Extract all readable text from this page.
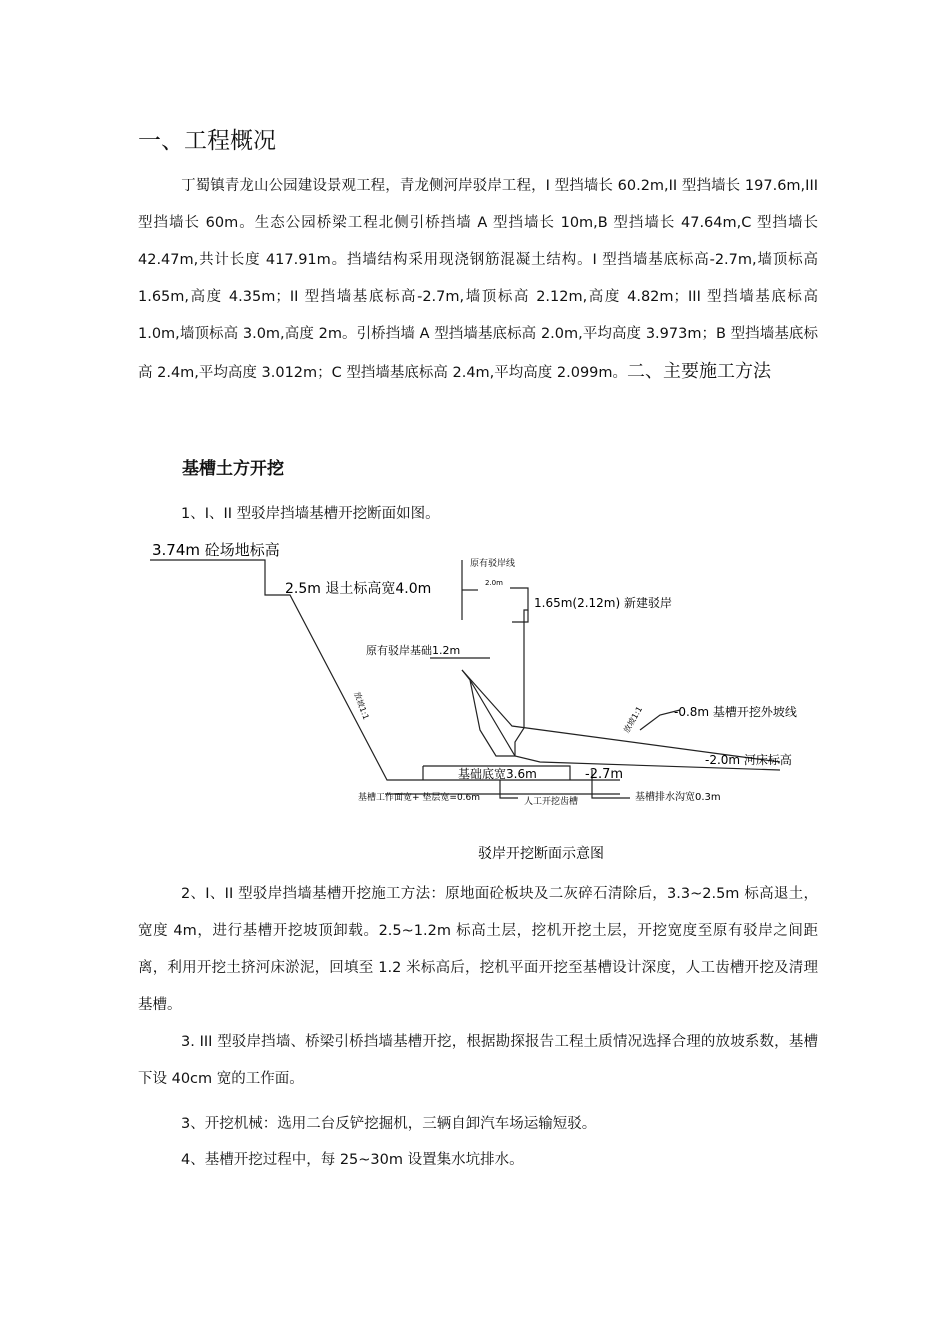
一、工程概况

丁蜀镇青龙山公园建设景观工程，青龙侧河岸驳岸工程，I 型挡墙长 60.2m,II 型挡墙长 197.6m,III 型挡墙长 60m。生态公园桥梁工程北侧引桥挡墙 A 型挡墙长 10m,B 型挡墙长 47.64m,C 型挡墙长 42.47m,共计长度 417.91m。挡墙结构采用现浇钢筋混凝土结构。I 型挡墙基底标高-2.7m,墙顶标高 1.65m,高度 4.35m；II 型挡墙基底标高-2.7m,墙顶标高 2.12m,高度 4.82m；III 型挡墙基底标高 1.0m,墙顶标高 3.0m,高度 2m。引桥挡墙 A 型挡墙基底标高 2.0m,平均高度 3.973m；B 型挡墙基底标高 2.4m,平均高度 3.012m；C 型挡墙基底标高 2.4m,平均高度 2.099m。二、主要施工方法

基槽土方开挖

1、I、II 型驳岸挡墙基槽开挖断面如图。

3.74m 砼场地标高
2.5m 退土标高宽4.0m
原有驳岸线
2.0m
1.65m(2.12m) 新建驳岸
原有驳岸基础1.2m
放坡1:1	放坡1:1 -0.8m 基槽开挖外坡线
-2.0m 河床标高
基础底宽3.6m	-2.7m
基槽工作面宽+ 垫层宽=0.6m	人工开挖齿槽	基槽排水沟宽0.3m
驳岸开挖断面示意图

2、I、II 型驳岸挡墙基槽开挖施工方法：原地面砼板块及二灰碎石清除后，3.3~2.5m 标高退土，宽度 4m，进行基槽开挖坡顶卸载。2.5~1.2m 标高土层，挖机开挖土层，开挖宽度至原有驳岸之间距离，利用开挖土挤河床淤泥，回填至 1.2 米标高后，挖机平面开挖至基槽设计深度，人工齿槽开挖及清理基槽。

3. III 型驳岸挡墙、桥梁引桥挡墙基槽开挖，根据勘探报告工程土质情况选择合理的放坡系数，基槽下设 40cm 宽的工作面。

3、开挖机械：选用二台反铲挖掘机，三辆自卸汽车场运输短驳。

4、基槽开挖过程中，每 25~30m 设置集水坑排水。
